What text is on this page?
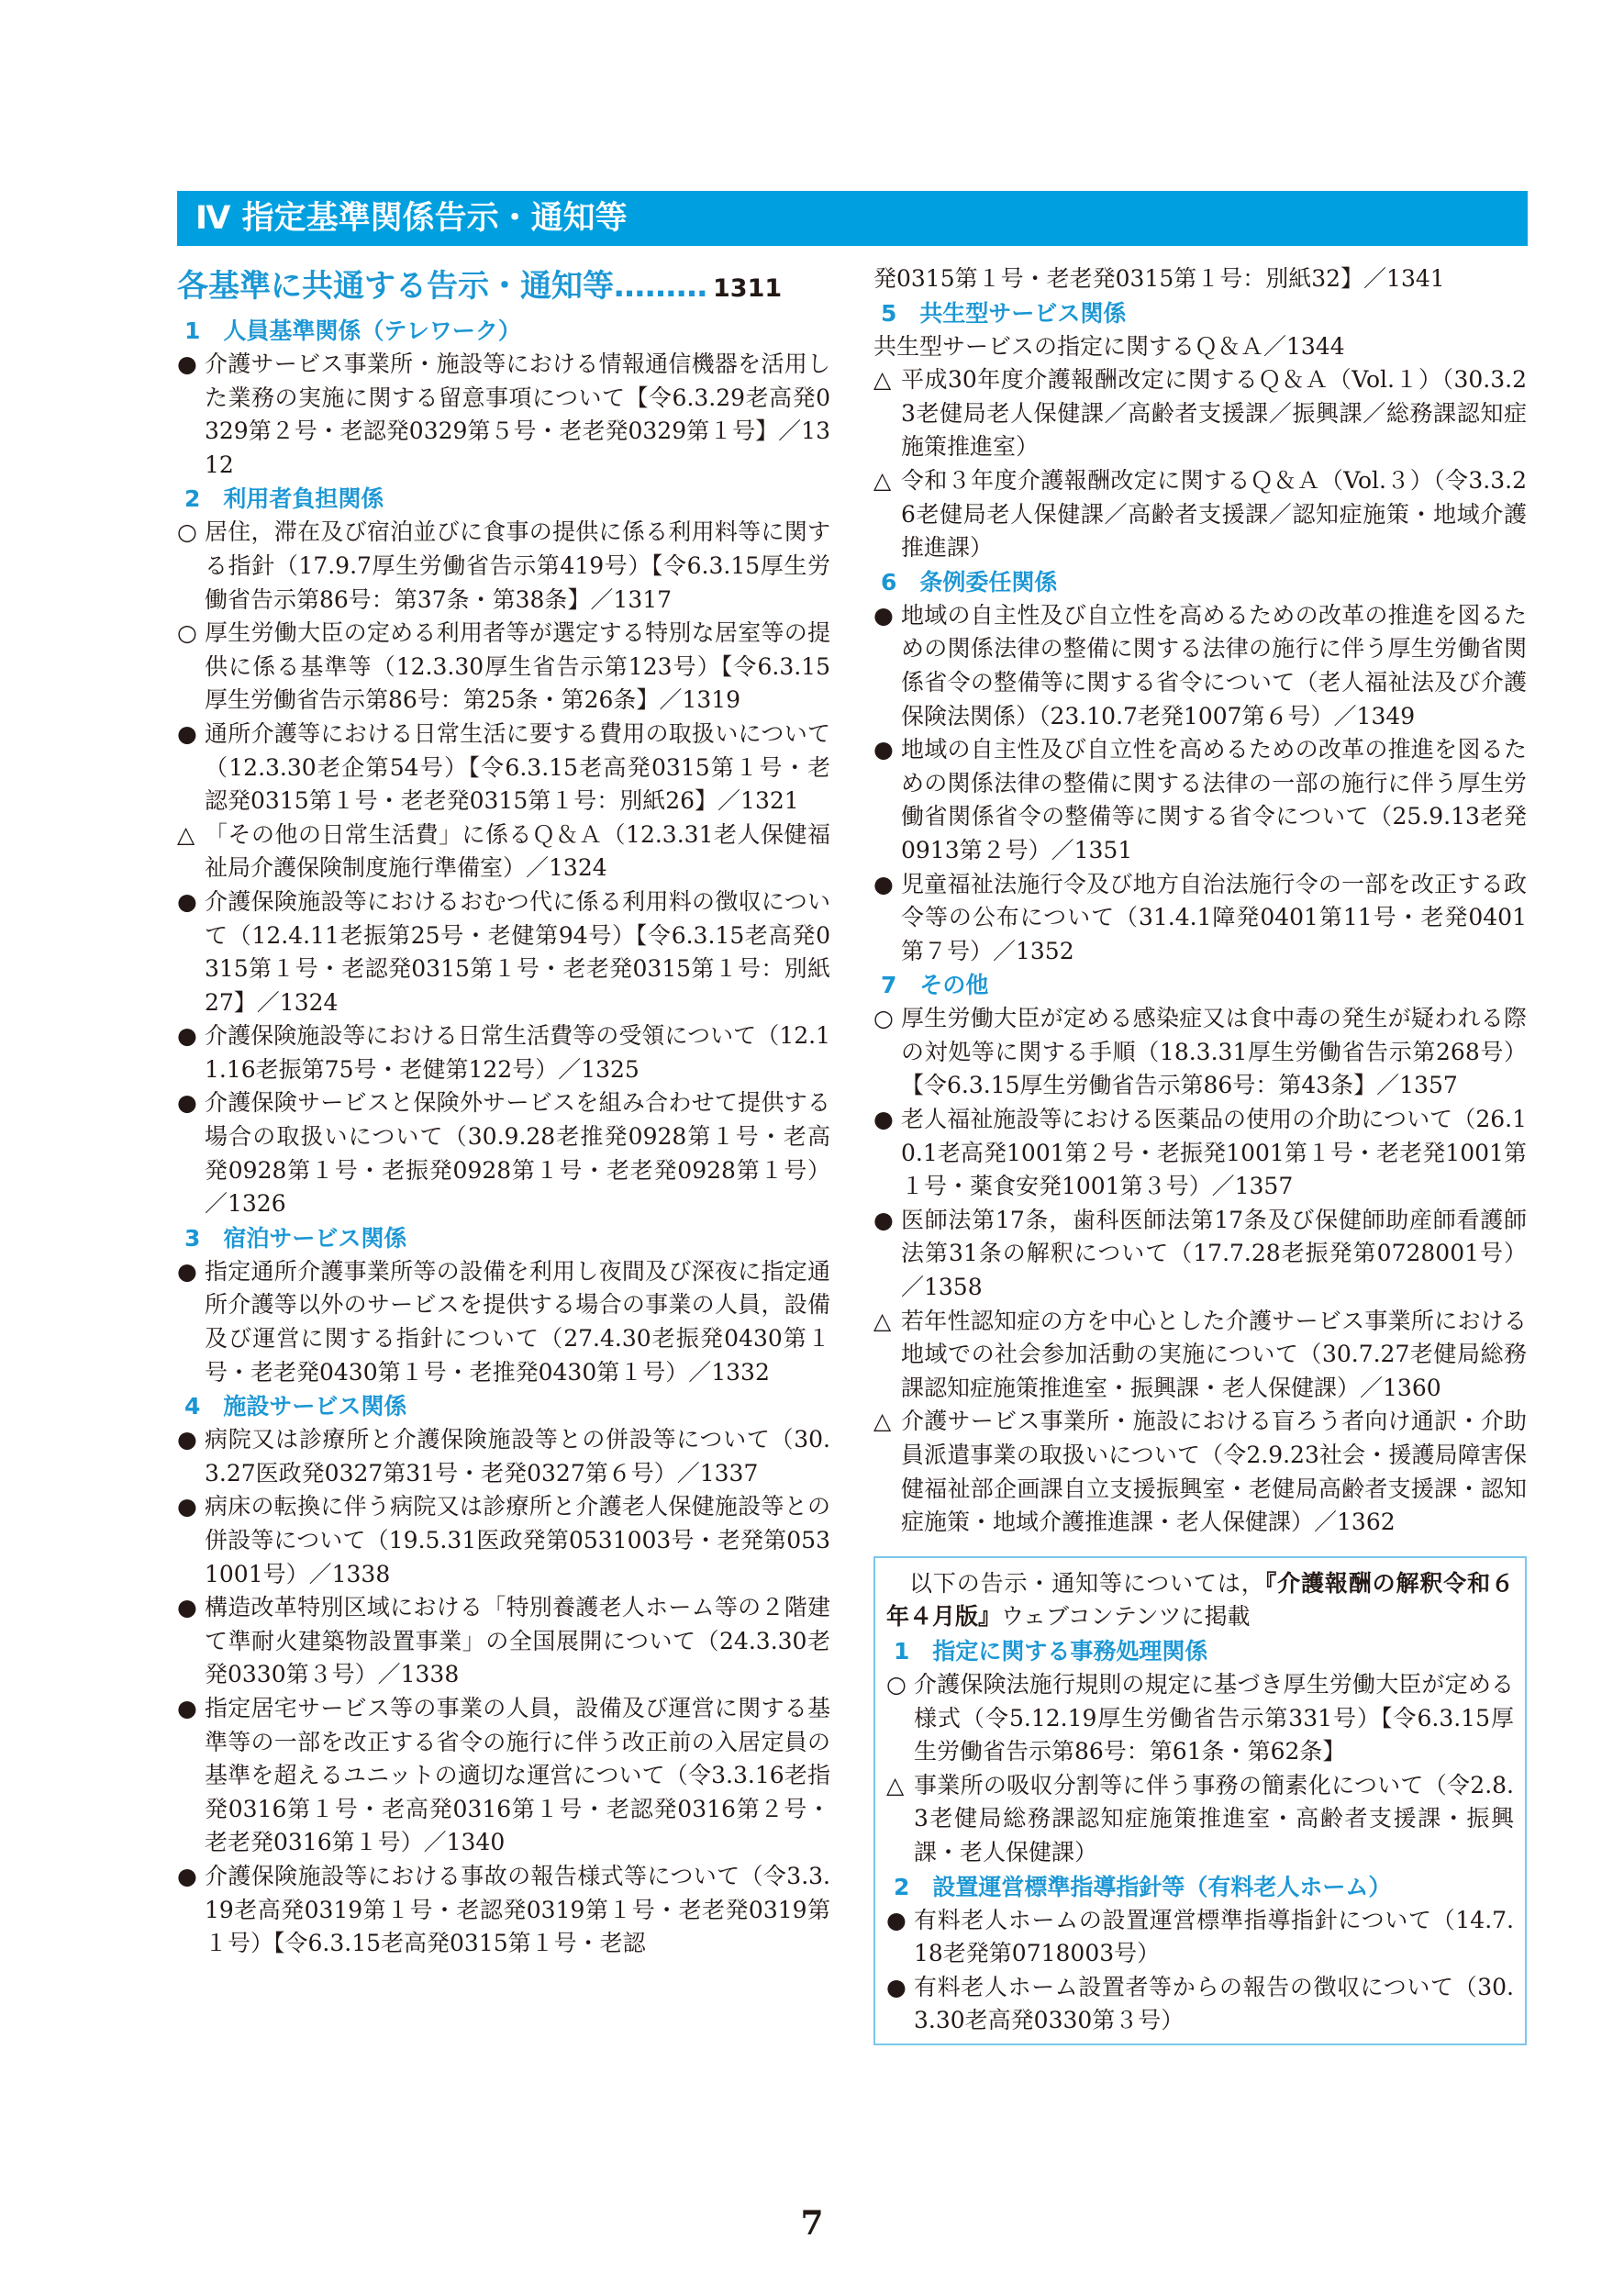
Ⅳ 指定基準関係告示・通知等
各基準に共通する告示・通知等……… 1311
1　人員基準関係（テレワーク）
● 介護サービス事業所・施設等における情報通信機器を活用した業務の実施に関する留意事項について【令6.3.29老高発0329第２号・老認発0329第５号・老老発0329第１号】／1312
2　利用者負担関係
○ 居住，滞在及び宿泊並びに食事の提供に係る利用料等に関する指針（17.9.7厚生労働省告示第419号）【令6.3.15厚生労働省告示第86号：第37条・第38条】／1317
○ 厚生労働大臣の定める利用者等が選定する特別な居室等の提供に係る基準等（12.3.30厚生省告示第123号）【令6.3.15厚生労働省告示第86号：第25条・第26条】／1319
● 通所介護等における日常生活に要する費用の取扱いについて（12.3.30老企第54号）【令6.3.15老高発0315第１号・老認発0315第１号・老老発0315第１号：別紙26】／1321
△ 「その他の日常生活費」に係るＱ＆Ａ（12.3.31老人保健福祉局介護保険制度施行準備室）／1324
● 介護保険施設等におけるおむつ代に係る利用料の徴収について（12.4.11老振第25号・老健第94号）【令6.3.15老高発0315第１号・老認発0315第１号・老老発0315第１号：別紙27】／1324
● 介護保険施設等における日常生活費等の受領について（12.11.16老振第75号・老健第122号）／1325
● 介護保険サービスと保険外サービスを組み合わせて提供する場合の取扱いについて（30.9.28老推発0928第１号・老高発0928第１号・老振発0928第１号・老老発0928第１号）／1326
3　宿泊サービス関係
● 指定通所介護事業所等の設備を利用し夜間及び深夜に指定通所介護等以外のサービスを提供する場合の事業の人員，設備及び運営に関する指針について（27.4.30老振発0430第１号・老老発0430第１号・老推発0430第１号）／1332
4　施設サービス関係
● 病院又は診療所と介護保険施設等との併設等について（30.3.27医政発0327第31号・老発0327第６号）／1337
● 病床の転換に伴う病院又は診療所と介護老人保健施設等との併設等について（19.5.31医政発第0531003号・老発第0531001号）／1338
● 構造改革特別区域における「特別養護老人ホーム等の２階建て準耐火建築物設置事業」の全国展開について（24.3.30老発0330第３号）／1338
● 指定居宅サービス等の事業の人員，設備及び運営に関する基準等の一部を改正する省令の施行に伴う改正前の入居定員の基準を超えるユニットの適切な運営について（令3.3.16老指発0316第１号・老高発0316第１号・老認発0316第２号・老老発0316第１号）／1340
● 介護保険施設等における事故の報告様式等について（令3.3.19老高発0319第１号・老認発0319第１号・老老発0319第１号）【令6.3.15老高発0315第１号・老認
発0315第１号・老老発0315第１号：別紙32】／1341
5　共生型サービス関係
共生型サービスの指定に関するＱ＆Ａ／1344
△ 平成30年度介護報酬改定に関するＱ＆Ａ（Vol.１）（30.3.23老健局老人保健課／高齢者支援課／振興課／総務課認知症施策推進室）
△ 令和３年度介護報酬改定に関するＱ＆Ａ（Vol.３）（令3.3.26老健局老人保健課／高齢者支援課／認知症施策・地域介護推進課）
6　条例委任関係
● 地域の自主性及び自立性を高めるための改革の推進を図るための関係法律の整備に関する法律の施行に伴う厚生労働省関係省令の整備等に関する省令について（老人福祉法及び介護保険法関係）（23.10.7老発1007第６号）／1349
● 地域の自主性及び自立性を高めるための改革の推進を図るための関係法律の整備に関する法律の一部の施行に伴う厚生労働省関係省令の整備等に関する省令について（25.9.13老発0913第２号）／1351
● 児童福祉法施行令及び地方自治法施行令の一部を改正する政令等の公布について（31.4.1障発0401第11号・老発0401第７号）／1352
7　その他
○ 厚生労働大臣が定める感染症又は食中毒の発生が疑われる際の対処等に関する手順（18.3.31厚生労働省告示第268号）【令6.3.15厚生労働省告示第86号：第43条】／1357
● 老人福祉施設等における医薬品の使用の介助について（26.10.1老高発1001第２号・老振発1001第１号・老老発1001第１号・薬食安発1001第３号）／1357
● 医師法第17条，歯科医師法第17条及び保健師助産師看護師法第31条の解釈について（17.7.28老振発第0728001号）／1358
△ 若年性認知症の方を中心とした介護サービス事業所における地域での社会参加活動の実施について（30.7.27老健局総務課認知症施策推進室・振興課・老人保健課）／1360
△ 介護サービス事業所・施設における盲ろう者向け通訳・介助員派遣事業の取扱いについて（令2.9.23社会・援護局障害保健福祉部企画課自立支援振興室・老健局高齢者支援課・認知症施策・地域介護推進課・老人保健課）／1362
以下の告示・通知等については，『介護報酬の解釈令和６年４月版』ウェブコンテンツに掲載
1　指定に関する事務処理関係
○ 介護保険法施行規則の規定に基づき厚生労働大臣が定める様式（令5.12.19厚生労働省告示第331号）【令6.3.15厚生労働省告示第86号：第61条・第62条】
△ 事業所の吸収分割等に伴う事務の簡素化について（令2.8.3老健局総務課認知症施策推進室・高齢者支援課・振興課・老人保健課）
2　設置運営標準指導指針等（有料老人ホーム）
● 有料老人ホームの設置運営標準指導指針について（14.7.18老発第0718003号）
● 有料老人ホーム設置者等からの報告の徴収について（30.3.30老高発0330第３号）
7
